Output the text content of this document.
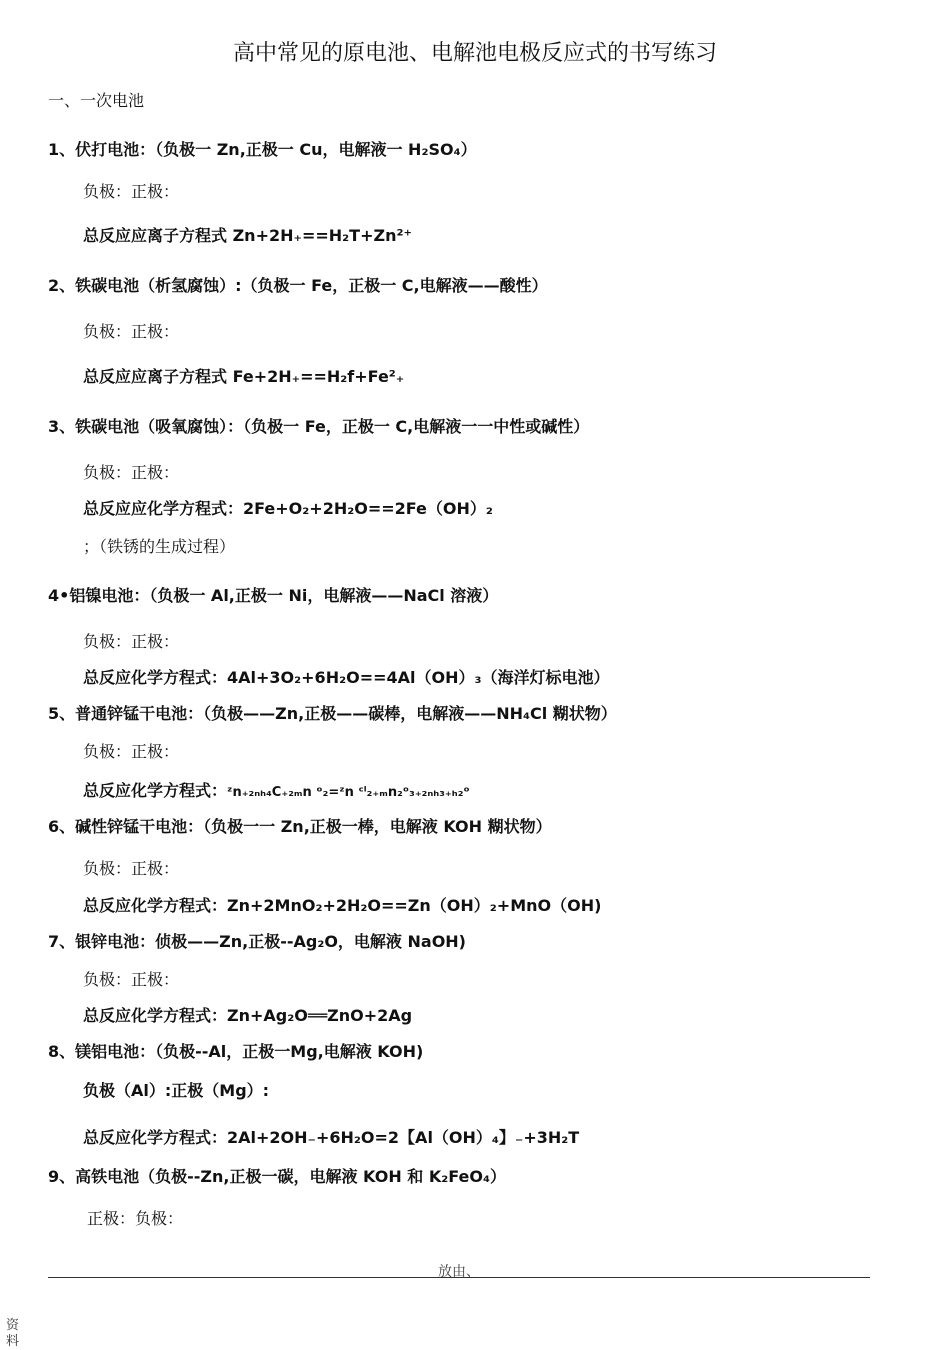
高中常见的原电池、电解池电极反应式的书写练习
一、一次电池
1、伏打电池：（负极一 Zn,正极一 Cu，电解液一 H₂SO₄）
负极：正极：
总反应应离子方程式 Zn+2H₊==H₂T+Zn²⁺
2、铁碳电池（析氢腐蚀）:（负极一 Fe，正极一 C,电解液——酸性）
负极：正极：
总反应应离子方程式 Fe+2H₊==H₂f+Fe²₊
3、铁碳电池（吸氧腐蚀）：（负极一 Fe，正极一 C,电解液一一中性或碱性）
负极：正极：
总反应应化学方程式：2Fe+O₂+2H₂O==2Fe（OH）₂
；（铁锈的生成过程）
4•铝镍电池：（负极一 Al,正极一 Ni，电解液——NaCl 溶液）
负极：正极：
总反应化学方程式：4Al+3O₂+6H₂O==4Al（OH）₃（海洋灯标电池）
5、普通锌锰干电池：（负极——Zn,正极——碳棒，电解液——NH₄Cl 糊状物）
负极：正极：
总反应化学方程式：ᶻn₊₂ₙₕ₄C₊₂ₘn ᵒ₂=ᶻn ᶜˡ₂₊ₘn₂ᵒ₃₊₂ₙₕ₃₊ₕ₂ᵒ
6、碱性锌锰干电池：（负极一一 Zn,正极一棒，电解液 KOH 糊状物）
负极：正极：
总反应化学方程式：Zn+2MnO₂+2H₂O==Zn（OH）₂+MnO（OH)
7、银锌电池：侦极——Zn,正极--Ag₂O，电解液 NaOH)
负极：正极：
总反应化学方程式：Zn+Ag₂O══ZnO+2Ag
8、镁铝电池：（负极--Al，正极一Mg,电解液 KOH)
负极（Al）:正极（Mg）:
总反应化学方程式：2Al+2OH₋+6H₂O=2【Al（OH）₄】₋+3H₂T
9、高铁电池（负极--Zn,正极一碳，电解液 KOH 和 K₂FeO₄）
正极：负极：
放由、
资料
